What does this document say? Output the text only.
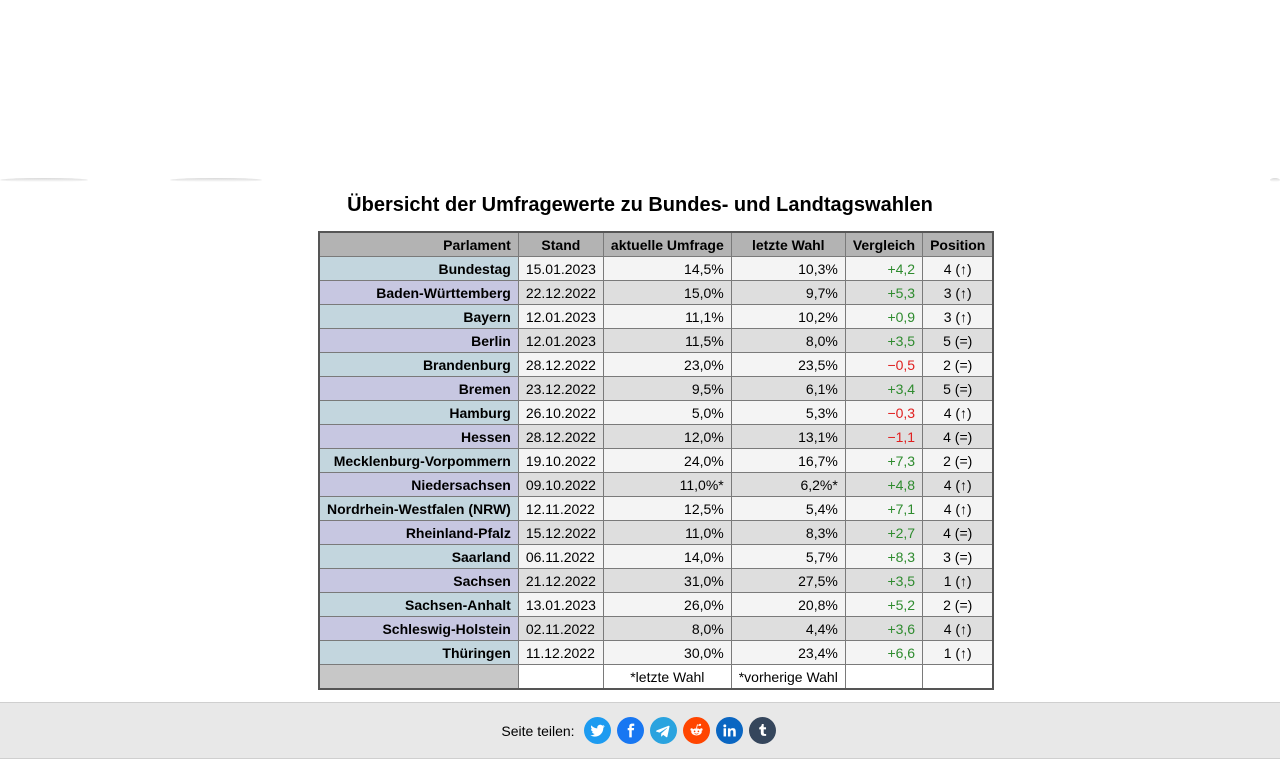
Übersicht der Umfragewerte zu Bundes- und Landtagswahlen
Parlament	Stand	aktuelle Umfrage	letzte Wahl	Vergleich	Position
Bundestag	15.01.2023	14,5%	10,3%	+4,2	4 (↑)
Baden-Württemberg	22.12.2022	15,0%	9,7%	+5,3	3 (↑)
Bayern	12.01.2023	11,1%	10,2%	+0,9	3 (↑)
Berlin	12.01.2023	11,5%	8,0%	+3,5	5 (=)
Brandenburg	28.12.2022	23,0%	23,5%	−0,5	2 (=)
Bremen	23.12.2022	9,5%	6,1%	+3,4	5 (=)
Hamburg	26.10.2022	5,0%	5,3%	−0,3	4 (↑)
Hessen	28.12.2022	12,0%	13,1%	−1,1	4 (=)
Mecklenburg-Vorpommern	19.10.2022	24,0%	16,7%	+7,3	2 (=)
Niedersachsen	09.10.2022	11,0%*	6,2%*	+4,8	4 (↑)
Nordrhein-Westfalen (NRW)	12.11.2022	12,5%	5,4%	+7,1	4 (↑)
Rheinland-Pfalz	15.12.2022	11,0%	8,3%	+2,7	4 (=)
Saarland	06.11.2022	14,0%	5,7%	+8,3	3 (=)
Sachsen	21.12.2022	31,0%	27,5%	+3,5	1 (↑)
Sachsen-Anhalt	13.01.2023	26,0%	20,8%	+5,2	2 (=)
Schleswig-Holstein	02.11.2022	8,0%	4,4%	+3,6	4 (↑)
Thüringen	11.12.2022	30,0%	23,4%	+6,6	1 (↑)
		*letzte Wahl	*vorherige Wahl		
Seite teilen:
